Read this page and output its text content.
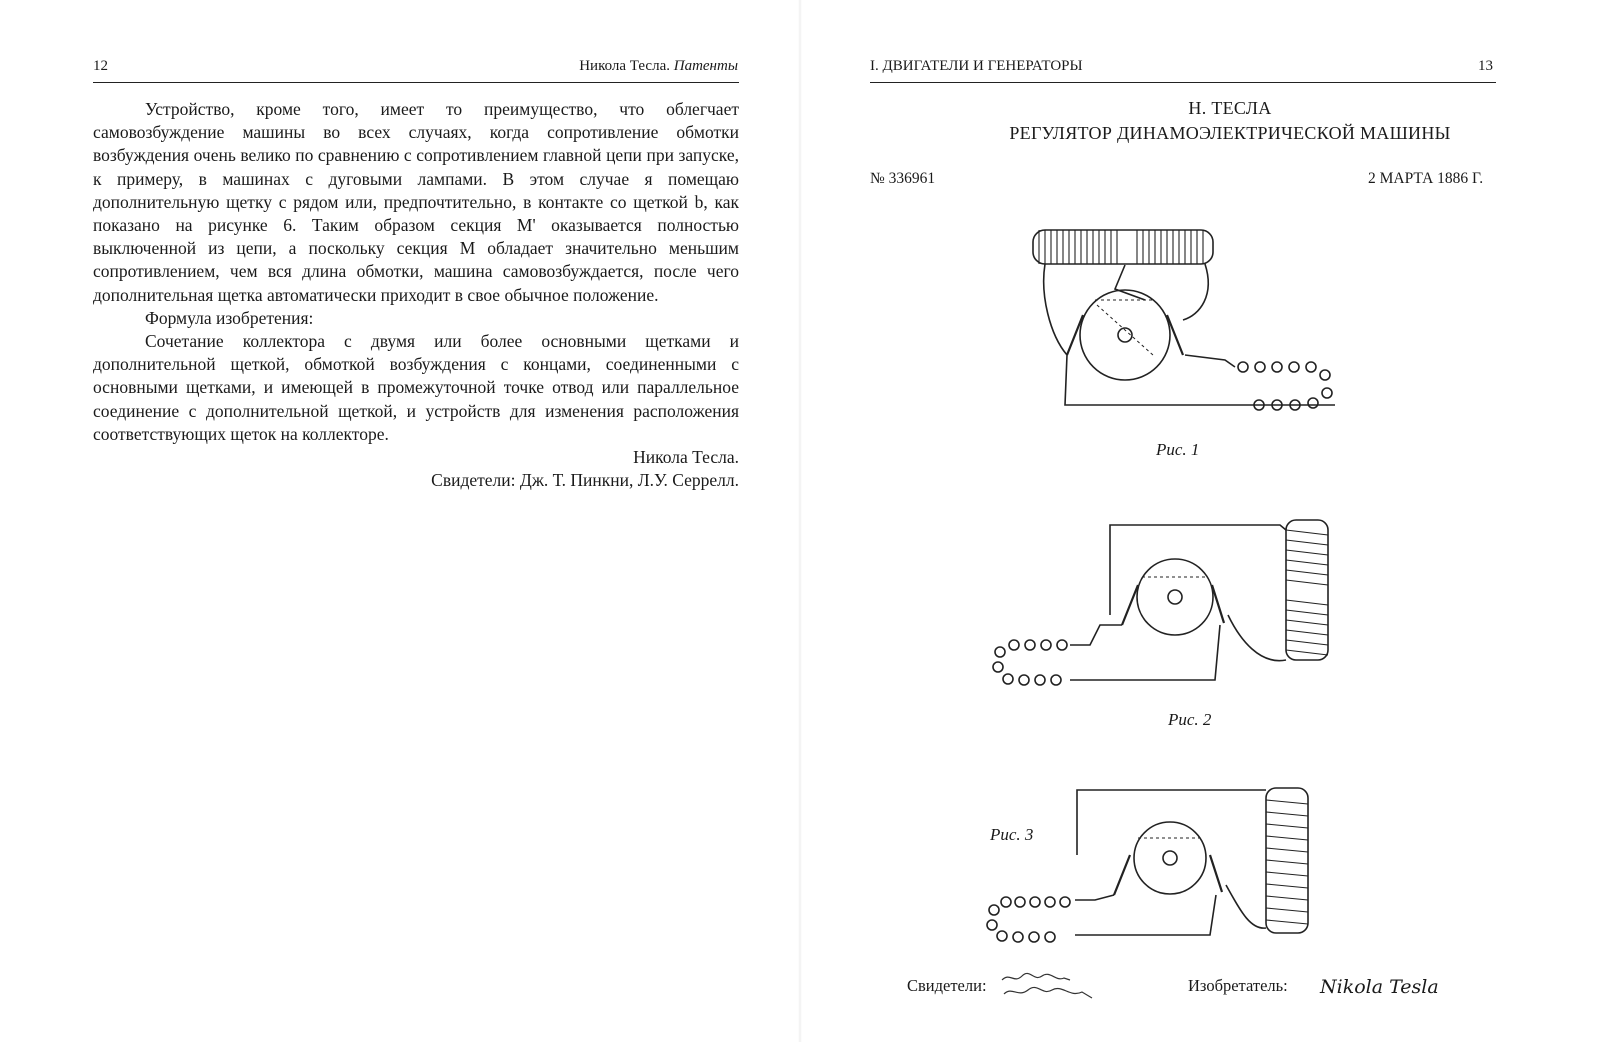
12	Никола Тесла. Патенты

Устройство, кроме того, имеет то преимущество, что облегчает самовозбуждение машины во всех случаях, когда сопротивление обмотки возбуждения очень велико по сравнению с сопротивлением главной цепи при запуске, к примеру, в машинах с дуговыми лампами. В этом случае я помещаю дополнительную щетку c рядом или, предпочтительно, в контакте со щеткой b, как показано на рисунке 6. Таким образом секция M' оказывается полностью выключенной из цепи, а поскольку секция M обладает значительно меньшим сопротивлением, чем вся длина обмотки, машина самовозбуждается, после чего дополнительная щетка автоматически приходит в свое обычное положение.

Формула изобретения:

Сочетание коллектора с двумя или более основными щетками и дополнительной щеткой, обмоткой возбуждения с концами, соединенными с основными щетками, и имеющей в промежуточной точке отвод или параллельное соединение с дополнительной щеткой, и устройств для изменения расположения соответствующих щеток на коллекторе.

Никола Тесла.

Свидетели: Дж. Т. Пинкни, Л.У. Серрелл.

I. ДВИГАТЕЛИ И ГЕНЕРАТОРЫ	13
Н. ТЕСЛА
РЕГУЛЯТОР ДИНАМОЭЛЕКТРИЧЕСКОЙ МАШИНЫ
№ 336961	2 МАРТА 1886 Г.
Рис. 1
Рис. 2
Рис. 3
Свидетели:	Изобретатель: Nikola Tesla
